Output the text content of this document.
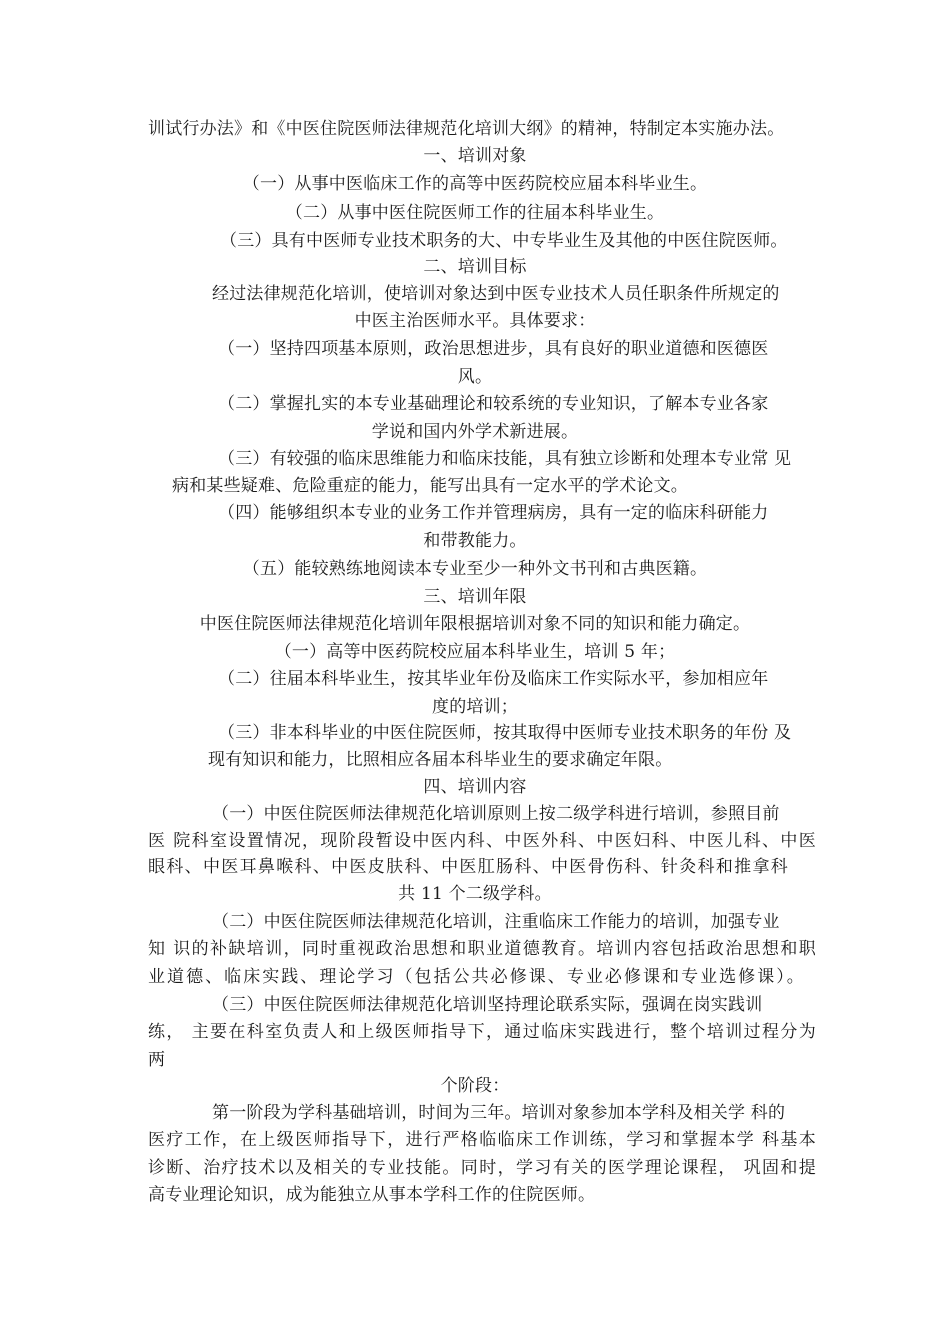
训试行办法》和《中医住院医师法律规范化培训大纲》的精神，特制定本实施办法。
一、培训对象
（一）从事中医临床工作的高等中医药院校应届本科毕业生。
（二）从事中医住院医师工作的往届本科毕业生。
（三）具有中医师专业技术职务的大、中专毕业生及其他的中医住院医师。
二、培训目标
经过法律规范化培训，使培训对象达到中医专业技术人员任职条件所规定的
中医主治医师水平。具体要求：
（一）坚持四项基本原则，政治思想进步，具有良好的职业道德和医德医
风。
（二）掌握扎实的本专业基础理论和较系统的专业知识，了解本专业各家
学说和国内外学术新进展。
（三）有较强的临床思维能力和临床技能，具有独立诊断和处理本专业常 见
病和某些疑难、危险重症的能力，能写出具有一定水平的学术论文。
（四）能够组织本专业的业务工作并管理病房，具有一定的临床科研能力
和带教能力。
（五）能较熟练地阅读本专业至少一种外文书刊和古典医籍。
三、培训年限
中医住院医师法律规范化培训年限根据培训对象不同的知识和能力确定。
（一）高等中医药院校应届本科毕业生，培训 5 年；
（二）往届本科毕业生，按其毕业年份及临床工作实际水平，参加相应年
度的培训；
（三）非本科毕业的中医住院医师，按其取得中医师专业技术职务的年份 及
现有知识和能力，比照相应各届本科毕业生的要求确定年限。
四、培训内容
（一）中医住院医师法律规范化培训原则上按二级学科进行培训，参照目前
医 院科室设置情况，现阶段暂设中医内科、中医外科、中医妇科、中医儿科、中医
眼科、中医耳鼻喉科、中医皮肤科、中医肛肠科、中医骨伤科、针灸科和推拿科
共 11 个二级学科。
（二）中医住院医师法律规范化培训，注重临床工作能力的培训，加强专业
知 识的补缺培训，同时重视政治思想和职业道德教育。培训内容包括政治思想和职
业道德、临床实践、理论学习（包括公共必修课、专业必修课和专业选修课）。
（三）中医住院医师法律规范化培训坚持理论联系实际，强调在岗实践训
练， 主要在科室负责人和上级医师指导下，通过临床实践进行，整个培训过程分为
两
个阶段：
第一阶段为学科基础培训，时间为三年。培训对象参加本学科及相关学 科的
医疗工作，在上级医师指导下，进行严格临临床工作训练，学习和掌握本学 科基本
诊断、治疗技术以及相关的专业技能。同时，学习有关的医学理论课程， 巩固和提
高专业理论知识，成为能独立从事本学科工作的住院医师。
